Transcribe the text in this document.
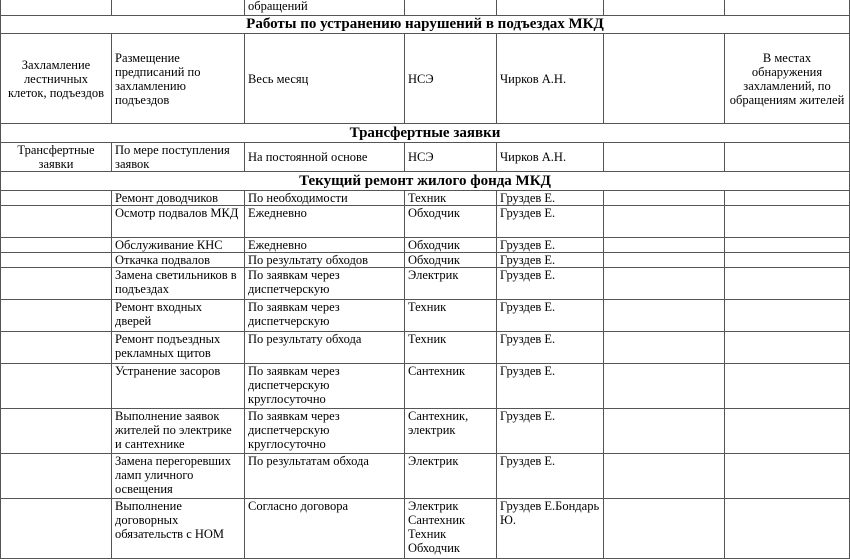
		обращений				
Работы по устранению нарушений в подъездах МКД						
Захламление лестничных клеток, подъездов	Размещение предписаний по захламлению подъездов	Весь месяц	НСЭ	Чирков А.Н.		В местах обнаружения захламлений, по обращениям жителей
Трансфертные заявки						
Трансфертные заявки	По мере поступления заявок	На постоянной основе	НСЭ	Чирков А.Н.		
Текущий ремонт жилого фонда МКД						
	Ремонт доводчиков	По необходимости	Техник	Груздев Е.		
	Осмотр подвалов МКД	Ежедневно	Обходчик	Груздев Е.		
	Обслуживание КНС	Ежедневно	Обходчик	Груздев Е.		
	Откачка подвалов	По результату обходов	Обходчик	Груздев Е.		
	Замена светильников в подъездах	По заявкам через диспетчерскую	Электрик	Груздев Е.		
	Ремонт входных дверей	По заявкам через диспетчерскую	Техник	Груздев Е.		
	Ремонт подъездных рекламных щитов	По результату обхода	Техник	Груздев Е.		
	Устранение засоров	По заявкам через диспетчерскую круглосуточно	Сантехник	Груздев Е.		
	Выполнение заявок жителей по электрике и сантехнике	По заявкам через диспетчерскую круглосуточно	Сантехник, электрик	Груздев Е.		
	Замена перегоревших ламп уличного освещения	По результатам обхода	Электрик	Груздев Е.		
	Выполнение договорных обязательств с НОМ	Согласно договора	Электрик Сантехник Техник Обходчик	Груздев Е.Бондарь Ю.		
